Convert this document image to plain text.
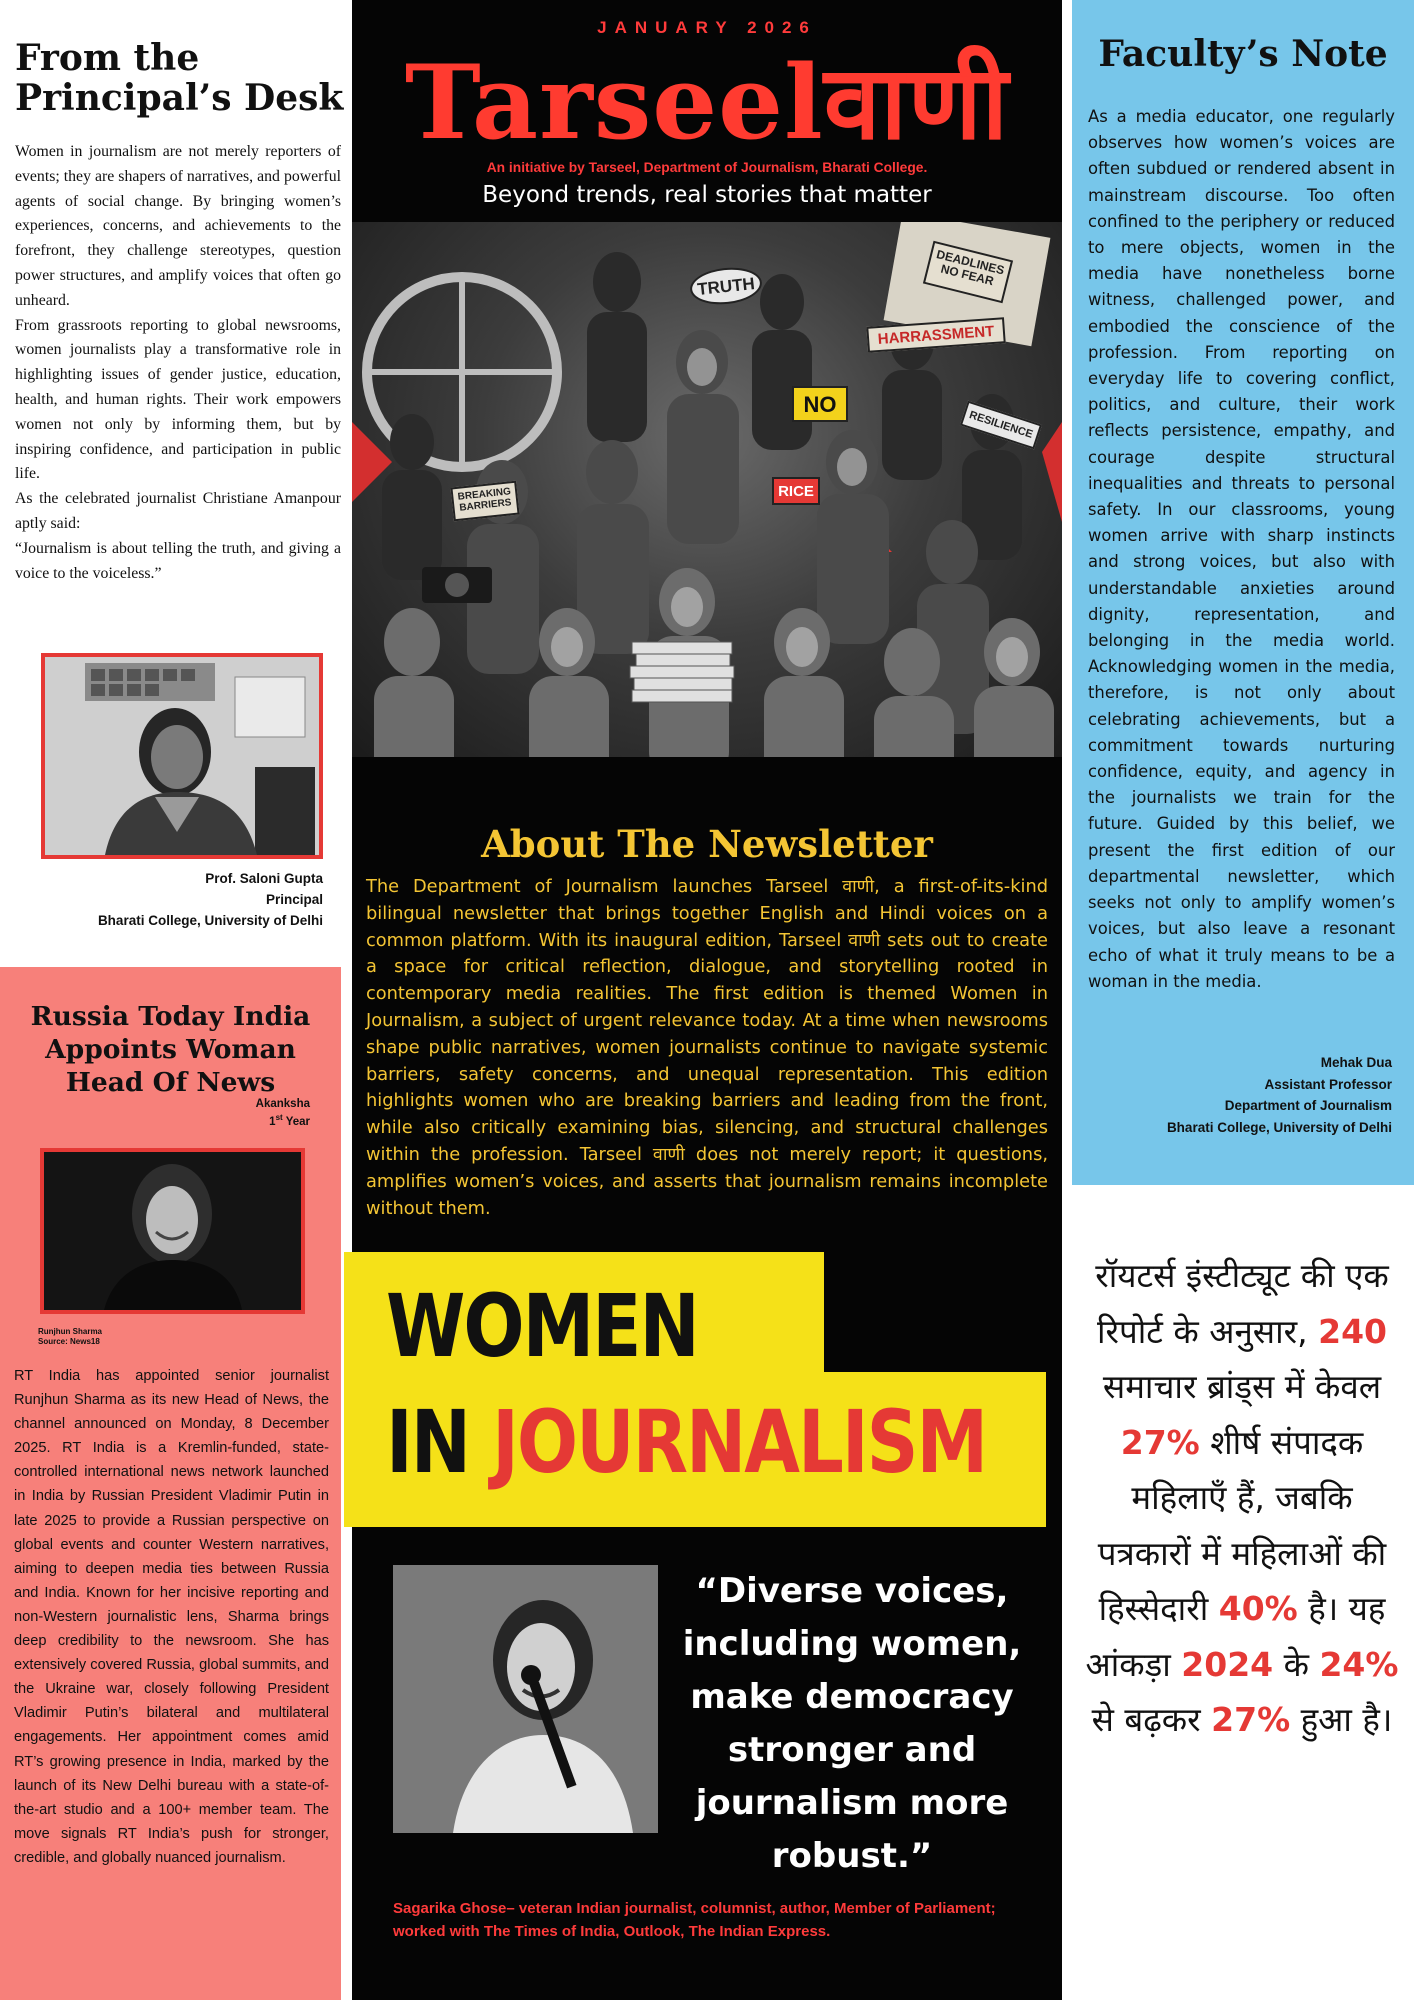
From the Principal’s Desk

Women in journalism are not merely reporters of events; they are shapers of narratives, and powerful agents of social change. By bringing women’s experiences, concerns, and achievements to the forefront, they challenge stereotypes, question power structures, and amplify voices that often go unheard.

From grassroots reporting to global newsrooms, women journalists play a transformative role in highlighting issues of gender justice, education, health, and human rights. Their work empowers women not only by informing them, but by inspiring confidence, and participation in public life.

As the celebrated journalist Christiane Amanpour aptly said:

“Journalism is about telling the truth, and giving a voice to the voiceless.”

Prof. Saloni Gupta
Principal
Bharati College, University of Delhi
Russia Today India Appoints Woman Head Of News
Akanksha
1st Year
Runjhun Sharma
Source: News18

RT India has appointed senior journalist Runjhun Sharma as its new Head of News, the channel announced on Monday, 8 December 2025. RT India is a Kremlin-funded, state-controlled international news network launched in India by Russian President Vladimir Putin in late 2025 to provide a Russian perspective on global events and counter Western narratives, aiming to deepen media ties between Russia and India. Known for her incisive reporting and non-Western journalistic lens, Sharma brings deep credibility to the newsroom. She has extensively covered Russia, global summits, and the Ukraine war, closely following President Vladimir Putin’s bilateral and multilateral engagements. Her appointment comes amid RT’s growing presence in India, marked by the launch of its New Delhi bureau with a state-of-the-art studio and a 100+ member team. The move signals RT India’s push for stronger, credible, and globally nuanced journalism.

JANUARY 2026
Tarseelवाणी
An initiative by Tarseel, Department of Journalism, Bharati College.
Beyond trends, real stories that matter
TRUTH
DEADLINES NO FEAR
HARRASSMENT
NO
RESILIENCE
RICE
BREAKING BARRIERS
About The Newsletter

The Department of Journalism launches Tarseel वाणी, a first-of-its-kind bilingual newsletter that brings together English and Hindi voices on a common platform. With its inaugural edition, Tarseel वाणी sets out to create a space for critical reflection, dialogue, and storytelling rooted in contemporary media realities. The first edition is themed Women in Journalism, a subject of urgent relevance today. At a time when newsrooms shape public narratives, women journalists continue to navigate systemic barriers, safety concerns, and unequal representation. This edition highlights women who are breaking barriers and leading from the front, while also critically examining bias, silencing, and structural challenges within the profession. Tarseel वाणी does not merely report; it questions, amplifies women’s voices, and asserts that journalism remains incomplete without them.

WOMEN
IN JOURNALISM
“Diverse voices, including women, make democracy stronger and journalism more robust.”
Sagarika Ghose– veteran Indian journalist, columnist, author, Member of Parliament; worked with The Times of India, Outlook, The Indian Express.
Faculty’s Note

As a media educator, one regularly observes how women’s voices are often subdued or rendered absent in mainstream discourse. Too often confined to the periphery or reduced to mere objects, women in the media have nonetheless borne witness, challenged power, and embodied the conscience of the profession. From reporting on everyday life to covering conflict, politics, and culture, their work reflects persistence, empathy, and courage despite structural inequalities and threats to personal safety. In our classrooms, young women arrive with sharp instincts and strong voices, but also with understandable anxieties around dignity, representation, and belonging in the media world. Acknowledging women in the media, therefore, is not only about celebrating achievements, but a commitment towards nurturing confidence, equity, and agency in the journalists we train for the future. Guided by this belief, we present the first edition of our departmental newsletter, which seeks not only to amplify women’s voices, but also leave a resonant echo of what it truly means to be a woman in the media.

Mehak Dua
Assistant Professor
Department of Journalism
Bharati College, University of Delhi
रॉयटर्स इंस्टीट्यूट की एक रिपोर्ट के अनुसार, 240 समाचार ब्रांड्स में केवल 27% शीर्ष संपादक महिलाएँ हैं, जबकि पत्रकारों में महिलाओं की हिस्सेदारी 40% है। यह आंकड़ा 2024 के 24% से बढ़कर 27% हुआ है।
